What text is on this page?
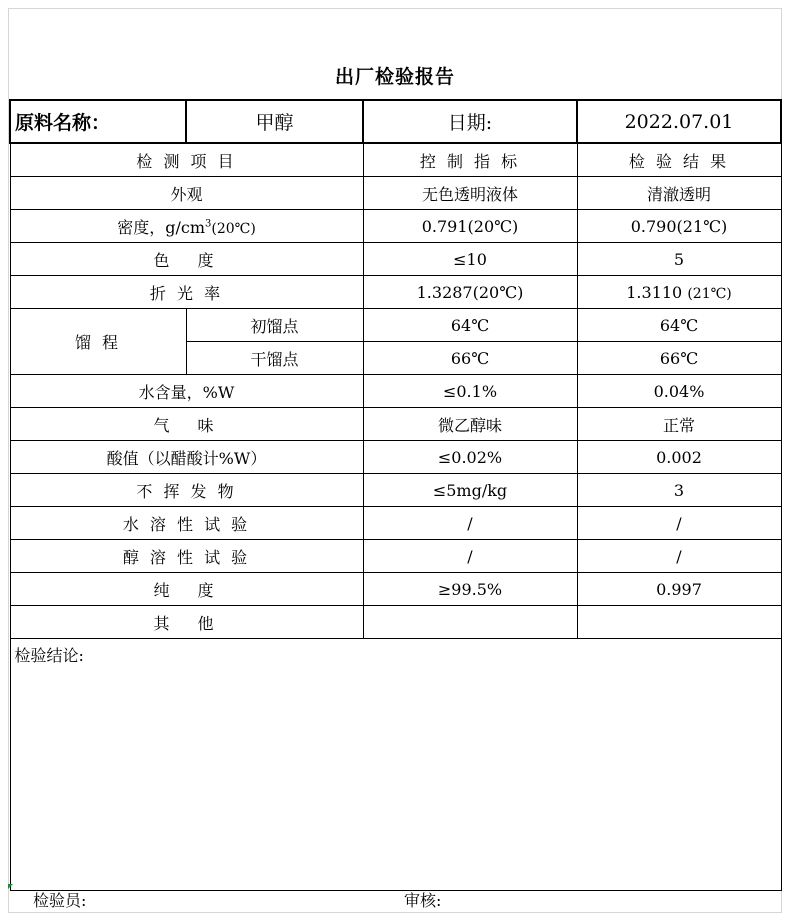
出厂检验报告
原料名称：	甲醇	日期:	2022.07.01
检 测 项 目		控 制 指 标	检 验 结 果
外观		无色透明液体	清澈透明
密度，$g/cm^3(20℃)$		0.791(20℃)	0.790(21℃)
色　度		≤10	5
折 光 率		1.3287(20℃)	1.3110 (21℃)
馏 程	初馏点	64℃	64℃
	干馏点	66℃	66℃
水含量，%W		≤0.1%	0.04%
气　味		微乙醇味	正常
酸值（以醋酸计%W）		≤0.02%	0.002
不 挥 发 物		≤5mg/kg	3
水 溶 性 试 验		/	/
醇 溶 性 试 验		/	/
纯　度		≥99.5%	0.997
其　他			
检验结论:			
检验员:	审核:
